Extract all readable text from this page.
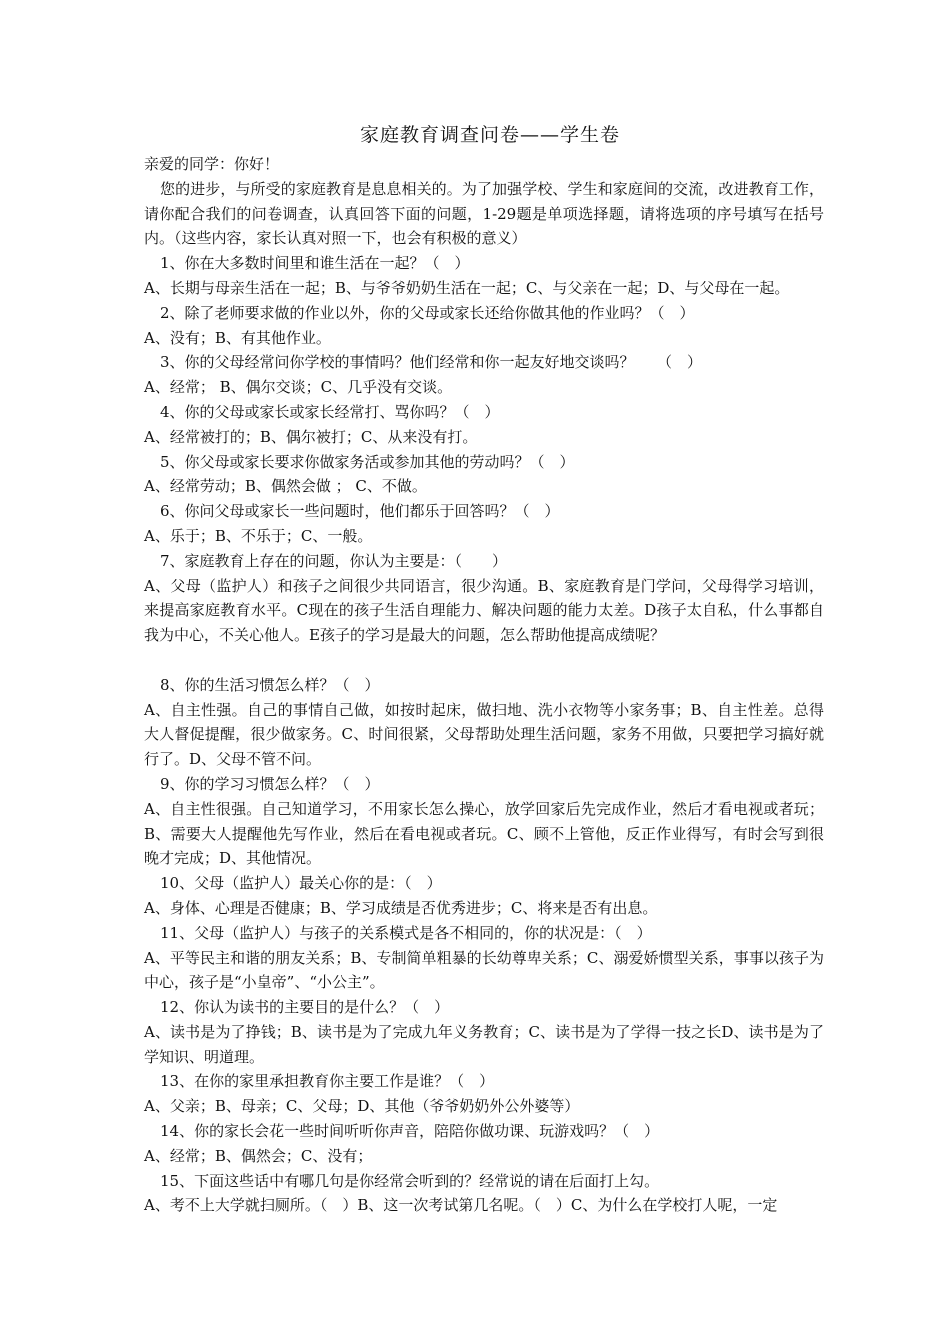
家庭教育调查问卷——学生卷
亲爱的同学：你好！
您的进步，与所受的家庭教育是息息相关的。为了加强学校、学生和家庭间的交流，改进教育工作，请你配合我们的问卷调查，认真回答下面的问题，1-29题是单项选择题，请将选项的序号填写在括号内。（这些内容，家长认真对照一下，也会有积极的意义）
1、你在大多数时间里和谁生活在一起？（　）
A、长期与母亲生活在一起；B、与爷爷奶奶生活在一起；C、与父亲在一起；D、与父母在一起。
2、除了老师要求做的作业以外，你的父母或家长还给你做其他的作业吗？（　）
A、没有；B、有其他作业。
3、你的父母经常问你学校的事情吗？他们经常和你一起友好地交谈吗？　　（　）
A、经常； B、偶尔交谈；C、几乎没有交谈。
4、你的父母或家长或家长经常打、骂你吗？（　）
A、经常被打的；B、偶尔被打；C、从来没有打。
5、你父母或家长要求你做家务活或参加其他的劳动吗？（　）
A、经常劳动；B、偶然会做 ； C、不做。
6、你问父母或家长一些问题时，他们都乐于回答吗？（　）
A、乐于；B、不乐于；C、一般。
7、家庭教育上存在的问题，你认为主要是：（　　）
A、父母（监护人）和孩子之间很少共同语言，很少沟通。B、家庭教育是门学问，父母得学习培训，来提高家庭教育水平。C现在的孩子生活自理能力、解决问题的能力太差。D孩子太自私，什么事都自我为中心，不关心他人。E孩子的学习是最大的问题，怎么帮助他提高成绩呢？
8、你的生活习惯怎么样？（　）
A、自主性强。自己的事情自己做，如按时起床，做扫地、洗小衣物等小家务事；B、自主性差。总得大人督促提醒，很少做家务。C、时间很紧，父母帮助处理生活问题，家务不用做，只要把学习搞好就行了。D、父母不管不问。
9、你的学习习惯怎么样？（　）
A、自主性很强。自己知道学习，不用家长怎么操心，放学回家后先完成作业，然后才看电视或者玩；B、需要大人提醒他先写作业，然后在看电视或者玩。C、顾不上管他，反正作业得写，有时会写到很晚才完成；D、其他情况。
10、父母（监护人）最关心你的是：（　）
A、身体、心理是否健康；B、学习成绩是否优秀进步；C、将来是否有出息。
11、父母（监护人）与孩子的关系模式是各不相同的，你的状况是：（　）
A、平等民主和谐的朋友关系；B、专制简单粗暴的长幼尊卑关系；C、溺爱娇惯型关系，事事以孩子为中心，孩子是“小皇帝”、“小公主”。
12、你认为读书的主要目的是什么？（　）
A、读书是为了挣钱；B、读书是为了完成九年义务教育；C、读书是为了学得一技之长D、读书是为了学知识、明道理。
13、在你的家里承担教育你主要工作是谁？（　）
A、父亲；B、母亲；C、父母；D、其他（爷爷奶奶外公外婆等）
14、你的家长会花一些时间听听你声音，陪陪你做功课、玩游戏吗？（　）
A、经常；B、偶然会；C、没有；
15、下面这些话中有哪几句是你经常会听到的？经常说的请在后面打上勾。
A、考不上大学就扫厕所。（　）B、这一次考试第几名呢。（　）C、为什么在学校打人呢，一定
